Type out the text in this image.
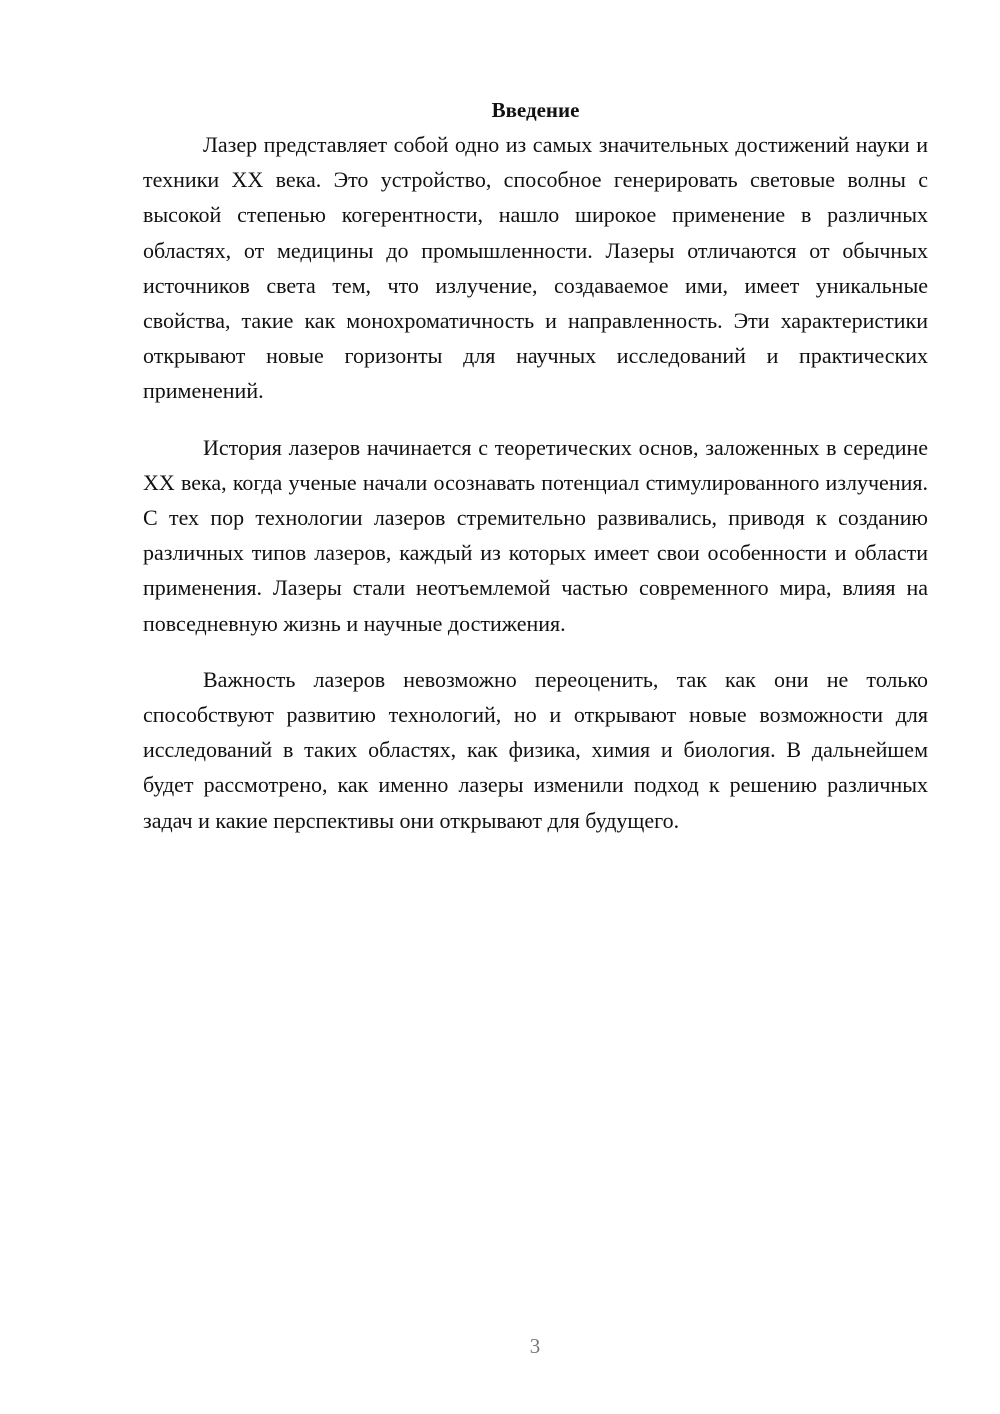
Введение

Лазер представляет собой одно из самых значительных достижений науки и техники XX века. Это устройство, способное генерировать световые волны с высокой степенью когерентности, нашло широкое применение в различных областях, от медицины до промышленности. Лазеры отличаются от обычных источников света тем, что излучение, создаваемое ими, имеет уникальные свойства, такие как монохроматичность и направленность. Эти характеристики открывают новые горизонты для научных исследований и практических применений.

История лазеров начинается с теоретических основ, заложенных в середине XX века, когда ученые начали осознавать потенциал стимулированного излучения. С тех пор технологии лазеров стремительно развивались, приводя к созданию различных типов лазеров, каждый из которых имеет свои особенности и области применения. Лазеры стали неотъемлемой частью современного мира, влияя на повседневную жизнь и научные достижения.

Важность лазеров невозможно переоценить, так как они не только способствуют развитию технологий, но и открывают новые возможности для исследований в таких областях, как физика, химия и биология. В дальнейшем будет рассмотрено, как именно лазеры изменили подход к решению различных задач и какие перспективы они открывают для будущего.

3
